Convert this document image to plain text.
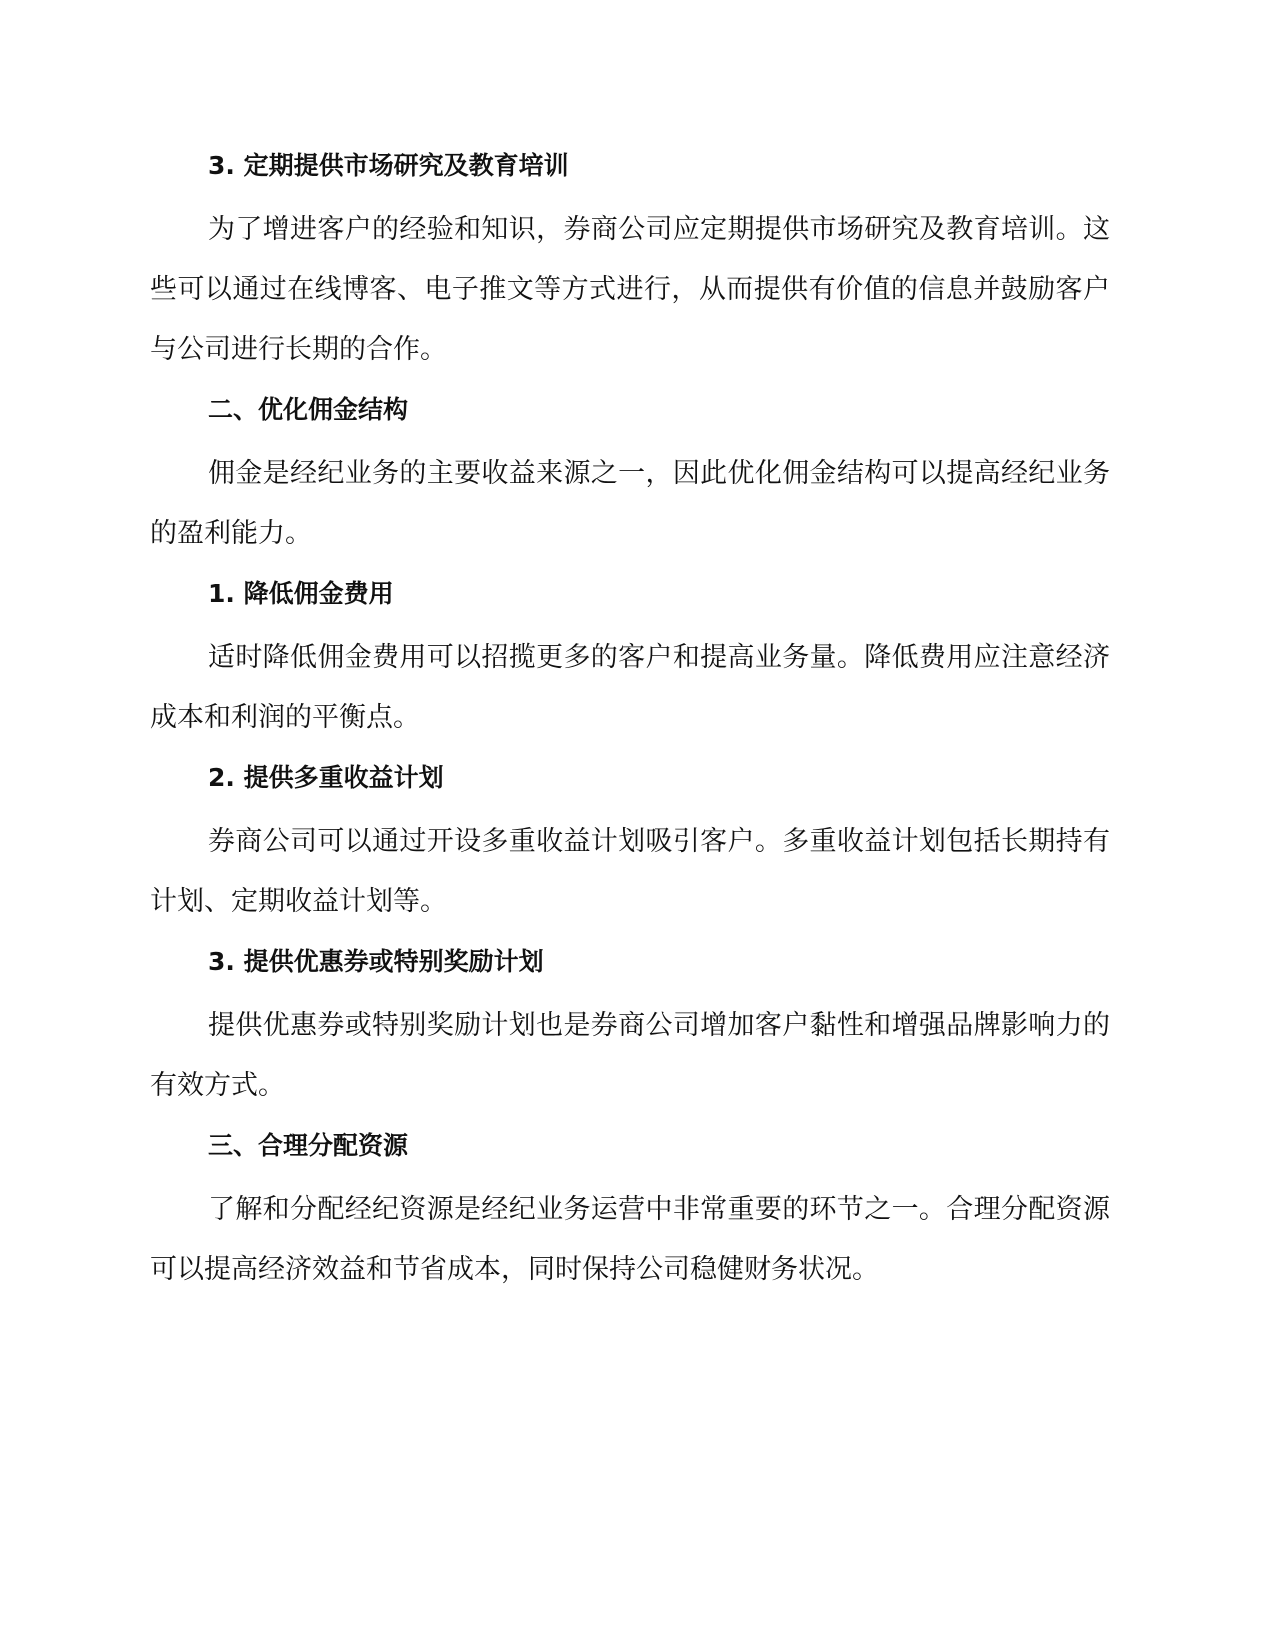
3. 定期提供市场研究及教育培训

为了增进客户的经验和知识，券商公司应定期提供市场研究及教育培训。这些可以通过在线博客、电子推文等方式进行，从而提供有价值的信息并鼓励客户与公司进行长期的合作。

二、优化佣金结构

佣金是经纪业务的主要收益来源之一，因此优化佣金结构可以提高经纪业务的盈利能力。

1. 降低佣金费用

适时降低佣金费用可以招揽更多的客户和提高业务量。降低费用应注意经济成本和利润的平衡点。

2. 提供多重收益计划

券商公司可以通过开设多重收益计划吸引客户。多重收益计划包括长期持有计划、定期收益计划等。

3. 提供优惠券或特别奖励计划

提供优惠券或特别奖励计划也是券商公司增加客户黏性和增强品牌影响力的有效方式。

三、合理分配资源

了解和分配经纪资源是经纪业务运营中非常重要的环节之一。合理分配资源可以提高经济效益和节省成本，同时保持公司稳健财务状况。
